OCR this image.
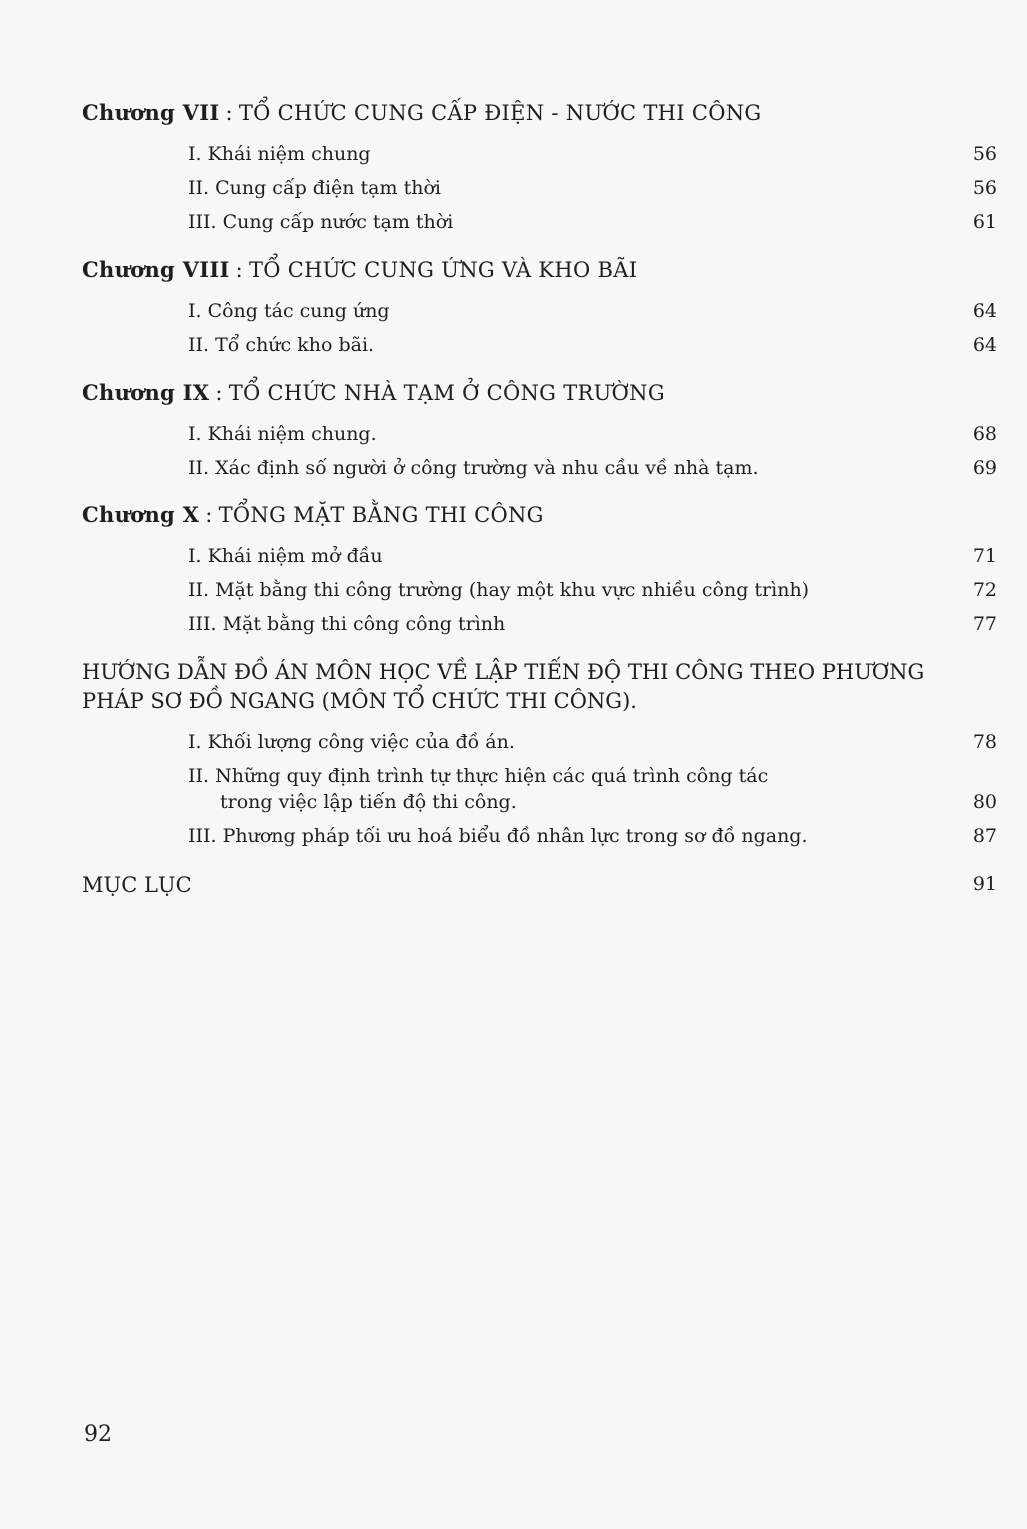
Chương VII : TỔ CHỨC CUNG CẤP ĐIỆN - NƯỚC THI CÔNG
I. Khái niệm chung	56
II. Cung cấp điện tạm thời	56
III. Cung cấp nước tạm thời	61
Chương VIII : TỔ CHỨC CUNG ỨNG VÀ KHO BÃI
I. Công tác cung ứng	64
II. Tổ chức kho bãi.	64
Chương IX : TỔ CHỨC NHÀ TẠM Ở CÔNG TRƯỜNG
I. Khái niệm chung.	68
II. Xác định số người ở công trường và nhu cầu về nhà tạm.	69
Chương X : TỔNG MẶT BẰNG THI CÔNG
I. Khái niệm mở đầu	71
II. Mặt bằng thi công trường (hay một khu vực nhiều công trình)	72
III. Mặt bằng thi công công trình	77
HƯỚNG DẪN ĐỒ ÁN MÔN HỌC VỀ LẬP TIẾN ĐỘ THI CÔNG THEO PHƯƠNG
PHÁP SƠ ĐỒ NGANG (MÔN TỔ CHỨC THI CÔNG).
I. Khối lượng công việc của đồ án.	78
II. Những quy định trình tự thực hiện các quá trình công tác
trong việc lập tiến độ thi công.	80
III. Phương pháp tối ưu hoá biểu đồ nhân lực trong sơ đồ ngang.	87
MỤC LỤC	91
92
